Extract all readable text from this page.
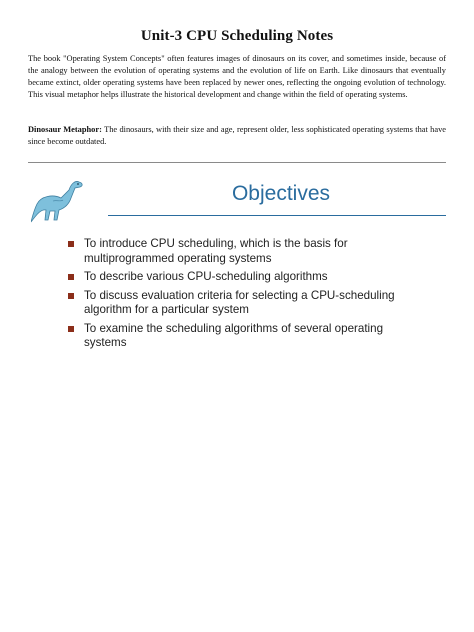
Unit-3 CPU Scheduling Notes
The book "Operating System Concepts" often features images of dinosaurs on its cover, and sometimes inside, because of the analogy between the evolution of operating systems and the evolution of life on Earth. Like dinosaurs that eventually became extinct, older operating systems have been replaced by newer ones, reflecting the ongoing evolution of technology. This visual metaphor helps illustrate the historical development and change within the field of operating systems.
Dinosaur Metaphor: The dinosaurs, with their size and age, represent older, less sophisticated operating systems that have since become outdated.
Objectives
To introduce CPU scheduling, which is the basis for multiprogrammed operating systems
To describe various CPU-scheduling algorithms
To discuss evaluation criteria for selecting a CPU-scheduling algorithm for a particular system
To examine the scheduling algorithms of several operating systems
